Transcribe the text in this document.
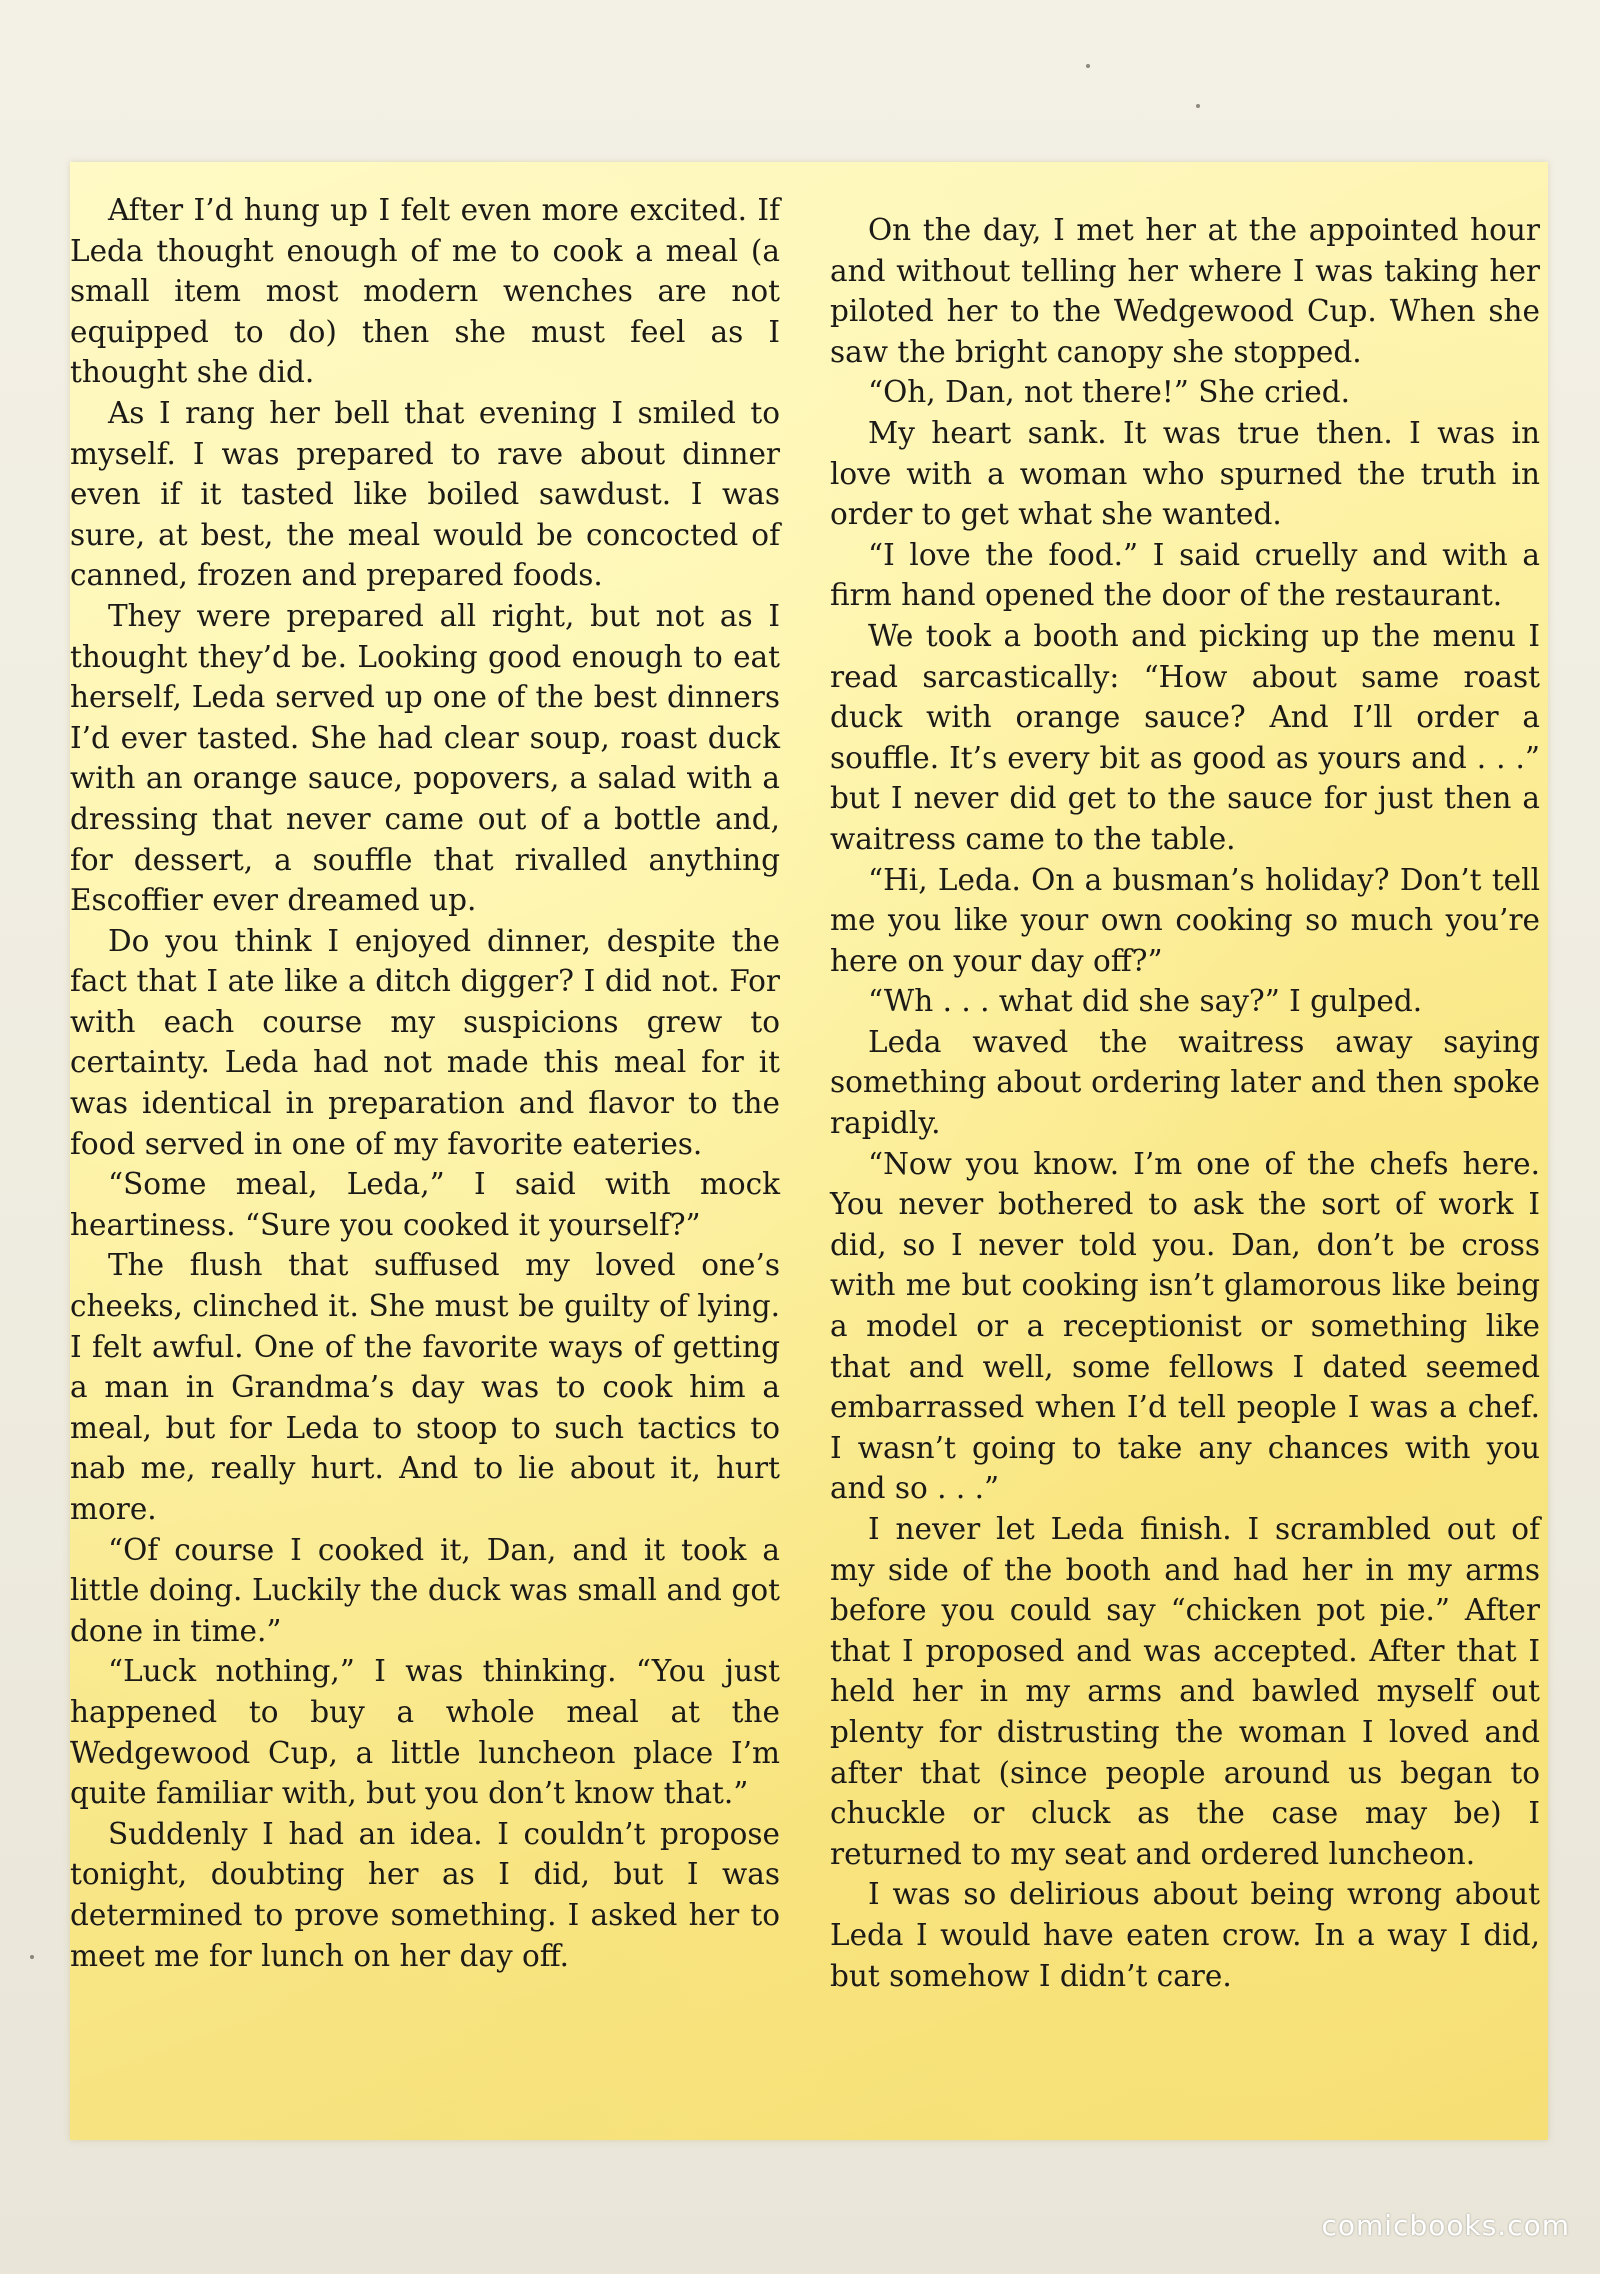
After I’d hung up I felt even more excited. If Leda thought enough of me to cook a meal (a small item most modern wenches are not equipped to do) then she must feel as I thought she did.

As I rang her bell that evening I smiled to myself. I was prepared to rave about dinner even if it tasted like boiled sawdust. I was sure, at best, the meal would be concocted of canned, frozen and prepared foods.

They were prepared all right, but not as I thought they’d be. Looking good enough to eat herself, Leda served up one of the best dinners I’d ever tasted. She had clear soup, roast duck with an orange sauce, popovers, a salad with a dressing that never came out of a bottle and, for dessert, a souffle that rivalled anything Escoffier ever dreamed up.

Do you think I enjoyed dinner, despite the fact that I ate like a ditch digger? I did not. For with each course my suspicions grew to certainty. Leda had not made this meal for it was identical in preparation and flavor to the food served in one of my favorite eateries.

“Some meal, Leda,” I said with mock heartiness. “Sure you cooked it yourself?”

The flush that suffused my loved one’s cheeks, clinched it. She must be guilty of lying. I felt awful. One of the favorite ways of getting a man in Grandma’s day was to cook him a meal, but for Leda to stoop to such tactics to nab me, really hurt. And to lie about it, hurt more.

“Of course I cooked it, Dan, and it took a little doing. Luckily the duck was small and got done in time.”

“Luck nothing,” I was thinking. “You just happened to buy a whole meal at the Wedgewood Cup, a little luncheon place I’m quite familiar with, but you don’t know that.”

Suddenly I had an idea. I couldn’t propose tonight, doubting her as I did, but I was determined to prove something. I asked her to meet me for lunch on her day off.

On the day, I met her at the appointed hour and without telling her where I was taking her piloted her to the Wedgewood Cup. When she saw the bright canopy she stopped.

“Oh, Dan, not there!” She cried.

My heart sank. It was true then. I was in love with a woman who spurned the truth in order to get what she wanted.

“I love the food.” I said cruelly and with a firm hand opened the door of the restaurant.

We took a booth and picking up the menu I read sarcastically: “How about same roast duck with orange sauce? And I’ll order a souffle. It’s every bit as good as yours and . . .” but I never did get to the sauce for just then a waitress came to the table.

“Hi, Leda. On a busman’s holiday? Don’t tell me you like your own cooking so much you’re here on your day off?”

“Wh . . . what did she say?” I gulped.

Leda waved the waitress away saying something about ordering later and then spoke rapidly.

“Now you know. I’m one of the chefs here. You never bothered to ask the sort of work I did, so I never told you. Dan, don’t be cross with me but cooking isn’t glamorous like being a model or a receptionist or something like that and well, some fellows I dated seemed embarrassed when I’d tell people I was a chef. I wasn’t going to take any chances with you and so . . .”

I never let Leda finish. I scrambled out of my side of the booth and had her in my arms before you could say “chicken pot pie.” After that I proposed and was accepted. After that I held her in my arms and bawled myself out plenty for distrusting the woman I loved and after that (since people around us began to chuckle or cluck as the case may be) I returned to my seat and ordered luncheon.

I was so delirious about being wrong about Leda I would have eaten crow. In a way I did, but somehow I didn’t care.

comicbooks.com
